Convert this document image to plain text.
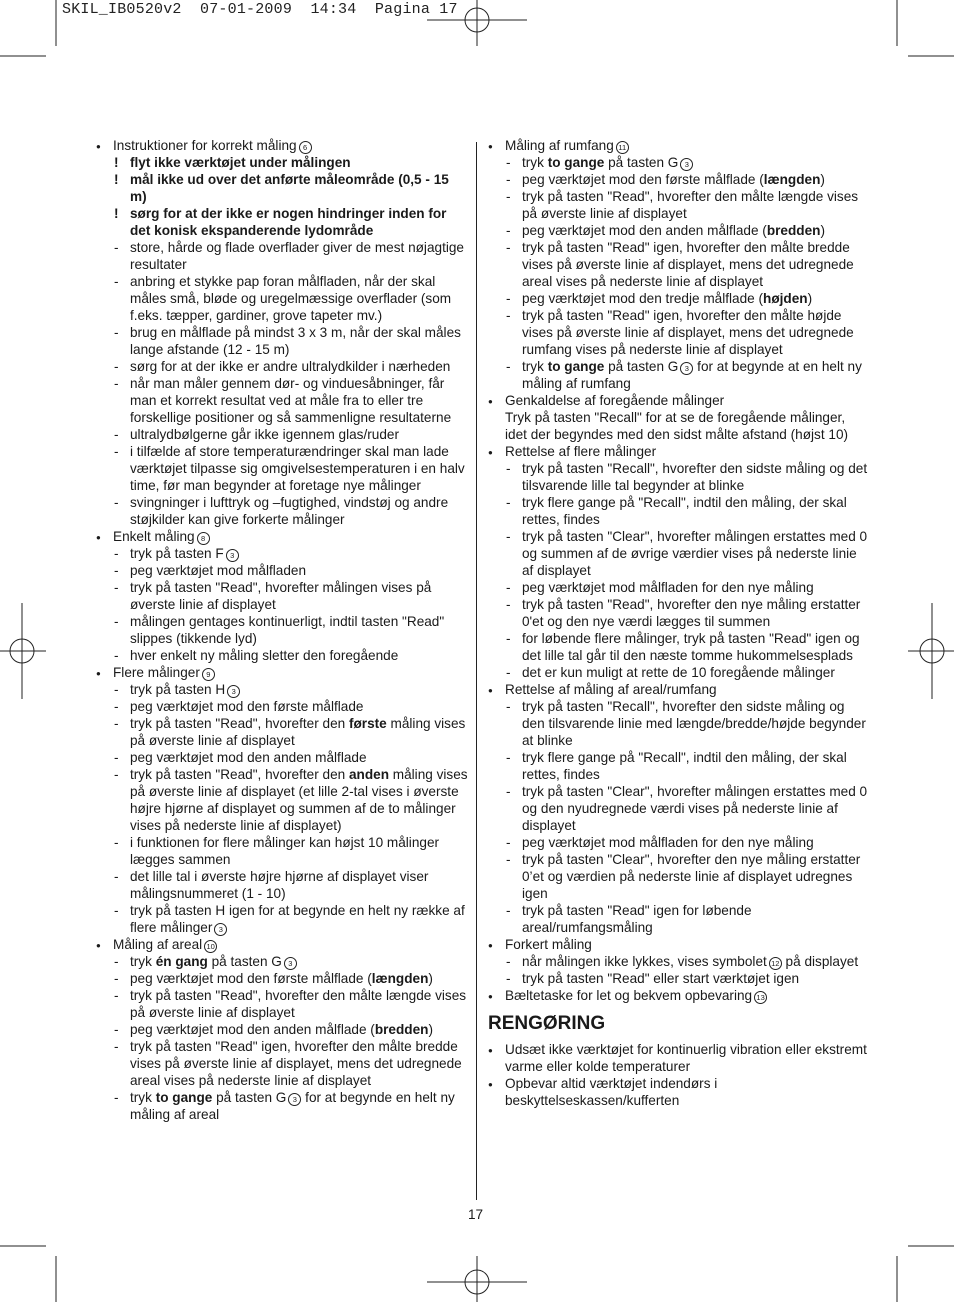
SKIL_IB0520v2  07-01-2009  14:34  Pagina 17
● Instruktioner for korrekt måling 6
! flyt ikke værktøjet under målingen
! mål ikke ud over det anførte måleområde (0,5 - 15 m)
! sørg for at der ikke er nogen hindringer inden for det konisk ekspanderende lydområde
- store, hårde og flade overflader giver de mest nøjagtige resultater
- anbring et stykke pap foran målfladen, når der skal måles små, bløde og uregelmæssige overflader (som f.eks. tæpper, gardiner, grove tapeter mv.)
- brug en målflade på mindst 3 x 3 m, når der skal måles lange afstande (12 - 15 m)
- sørg for at der ikke er andre ultralydkilder i nærheden
- når man måler gennem dør- og vinduesåbninger, får man et korrekt resultat ved at måle fra to eller tre forskellige positioner og så sammenligne resultaterne
- ultralydbølgerne går ikke igennem glas/ruder
- i tilfælde af store temperaturændringer skal man lade værktøjet tilpasse sig omgivelsestemperaturen i en halv time, før man begynder at foretage nye målinger
- svingninger i lufttryk og –fugtighed, vindstøj og andre støjkilder kan give forkerte målinger
● Enkelt måling 8
- tryk på tasten F 3
- peg værktøjet mod målfladen
- tryk på tasten "Read", hvorefter målingen vises på øverste linie af displayet
- målingen gentages kontinuerligt, indtil tasten "Read" slippes (tikkende lyd)
- hver enkelt ny måling sletter den foregående
● Flere målinger 9
- tryk på tasten H 3
- peg værktøjet mod den første målflade
- tryk på tasten "Read", hvorefter den første måling vises på øverste linie af displayet
- peg værktøjet mod den anden målflade
- tryk på tasten "Read", hvorefter den anden måling vises på øverste linie af displayet (et lille 2-tal vises i øverste højre hjørne af displayet og summen af de to målinger vises på nederste linie af displayet)
- i funktionen for flere målinger kan højst 10 målinger lægges sammen
- det lille tal i øverste højre hjørne af displayet viser målingsnummeret (1 - 10)
- tryk på tasten H igen for at begynde en helt ny række af flere målinger 3
● Måling af areal 10
- tryk én gang på tasten G 3
- peg værktøjet mod den første målflade (længden)
- tryk på tasten "Read", hvorefter den målte længde vises på øverste linie af displayet
- peg værktøjet mod den anden målflade (bredden)
- tryk på tasten "Read" igen, hvorefter den målte bredde vises på øverste linie af displayet, mens det udregnede areal vises på nederste linie af displayet
- tryk to gange på tasten G 3 for at begynde en helt ny måling af areal
● Måling af rumfang 11
- tryk to gange på tasten G 3
- peg værktøjet mod den første målflade (længden)
- tryk på tasten "Read", hvorefter den målte længde vises på øverste linie af displayet
- peg værktøjet mod den anden målflade (bredden)
- tryk på tasten "Read" igen, hvorefter den målte bredde vises på øverste linie af displayet, mens det udregnede areal vises på nederste linie af displayet
- peg værktøjet mod den tredje målflade (højden)
- tryk på tasten "Read" igen, hvorefter den målte højde vises på øverste linie af displayet, mens det udregnede rumfang vises på nederste linie af displayet
- tryk to gange på tasten G 3 for at begynde at en helt ny måling af rumfang
● Genkaldelse af foregående målinger
Tryk på tasten "Recall" for at se de foregående målinger, idet der begyndes med den sidst målte afstand (højst 10)
● Rettelse af flere målinger
- tryk på tasten "Recall", hvorefter den sidste måling og det tilsvarende lille tal begynder at blinke
- tryk flere gange på "Recall", indtil den måling, der skal rettes, findes
- tryk på tasten "Clear", hvorefter målingen erstattes med 0 og summen af de øvrige værdier vises på nederste linie af displayet
- peg værktøjet mod målfladen for den nye måling
- tryk på tasten "Read", hvorefter den nye måling erstatter 0'et og den nye værdi lægges til summen
- for løbende flere målinger, tryk på tasten "Read" igen og det lille tal går til den næste tomme hukommelsesplads
- det er kun muligt at rette de 10 foregående målinger
● Rettelse af måling af areal/rumfang
- tryk på tasten "Recall", hvorefter den sidste måling og den tilsvarende linie med længde/bredde/højde begynder at blinke
- tryk flere gange på "Recall", indtil den måling, der skal rettes, findes
- tryk på tasten "Clear", hvorefter målingen erstattes med 0 og den nyudregnede værdi vises på nederste linie af displayet
- peg værktøjet mod målfladen for den nye måling
- tryk på tasten "Clear", hvorefter den nye måling erstatter 0’et og værdien på nederste linie af displayet udregnes igen
- tryk på tasten "Read" igen for løbende areal/rumfangsmåling
● Forkert måling
- når målingen ikke lykkes, vises symbolet 12 på displayet
- tryk på tasten "Read" eller start værktøjet igen
● Bæltetaske for let og bekvem opbevaring 13
RENGØRING
● Udsæt ikke værktøjet for kontinuerlig vibration eller ekstremt varme eller kolde temperaturer
● Opbevar altid værktøjet indendørs i beskyttelseskassen/kufferten
17
